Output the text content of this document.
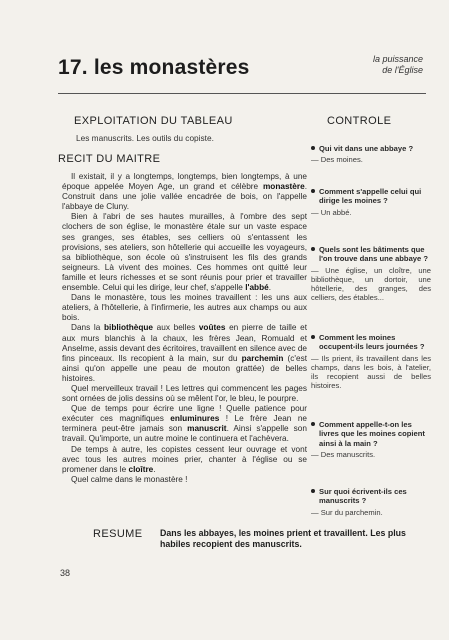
17. les monastères	la puissance
de l'Église
EXPLOITATION DU TABLEAU
Les manuscrits. Les outils du copiste.
RECIT DU MAITRE

Il existait, il y a longtemps, longtemps, bien longtemps, à une époque appelée Moyen Age, un grand et célèbre monastère. Construit dans une jolie vallée encadrée de bois, on l'appelle l'abbaye de Cluny.

Bien à l'abri de ses hautes murailles, à l'ombre des sept clochers de son église, le monastère étale sur un vaste espace ses granges, ses étables, ses celliers où s'entassent les provisions, ses ateliers, son hôtellerie qui accueille les voyageurs, sa bibliothèque, son école où s'instruisent les fils des grands seigneurs. Là vivent des moines. Ces hommes ont quitté leur famille et leurs richesses et se sont réunis pour prier et travailler ensemble. Celui qui les dirige, leur chef, s'appelle l'abbé.

Dans le monastère, tous les moines travaillent : les uns aux ateliers, à l'hôtellerie, à l'infirmerie, les autres aux champs ou aux bois.

Dans la bibliothèque aux belles voûtes en pierre de taille et aux murs blanchis à la chaux, les frères Jean, Romuald et Anselme, assis devant des écritoires, travaillent en silence avec de fins pinceaux. Ils recopient à la main, sur du parchemin (c'est ainsi qu'on appelle une peau de mouton grattée) de belles histoires.

Quel merveilleux travail ! Les lettres qui commencent les pages sont ornées de jolis dessins où se mêlent l'or, le bleu, le pourpre.

Que de temps pour écrire une ligne ! Quelle patience pour exécuter ces magnifiques enluminures ! Le frère Jean ne terminera peut-être jamais son manuscrit. Ainsi s'appelle son travail. Qu'importe, un autre moine le continuera et l'achèvera.

De temps à autre, les copistes cessent leur ouvrage et vont avec tous les autres moines prier, chanter à l'église ou se promener dans le cloître.

Quel calme dans le monastère !

CONTROLE
Qui vit dans une abbaye ?
— Des moines.
Comment s'appelle celui qui dirige les moines ?
— Un abbé.
Quels sont les bâtiments que l'on trouve dans une abbaye ?
— Une église, un cloître, une bibliothèque, un dortoir, une hôtellerie, des granges, des celliers, des étables...
Comment les moines occupent-ils leurs journées ?
— Ils prient, ils travaillent dans les champs, dans les bois, à l'atelier, ils recopient aussi de belles histoires.
Comment appelle-t-on les livres que les moines copient ainsi à la main ?
— Des manuscrits.
Sur quoi écrivent-ils ces manuscrits ?
— Sur du parchemin.
RESUME Dans les abbayes, les moines prient et travaillent. Les plus habiles recopient des manuscrits.
38
